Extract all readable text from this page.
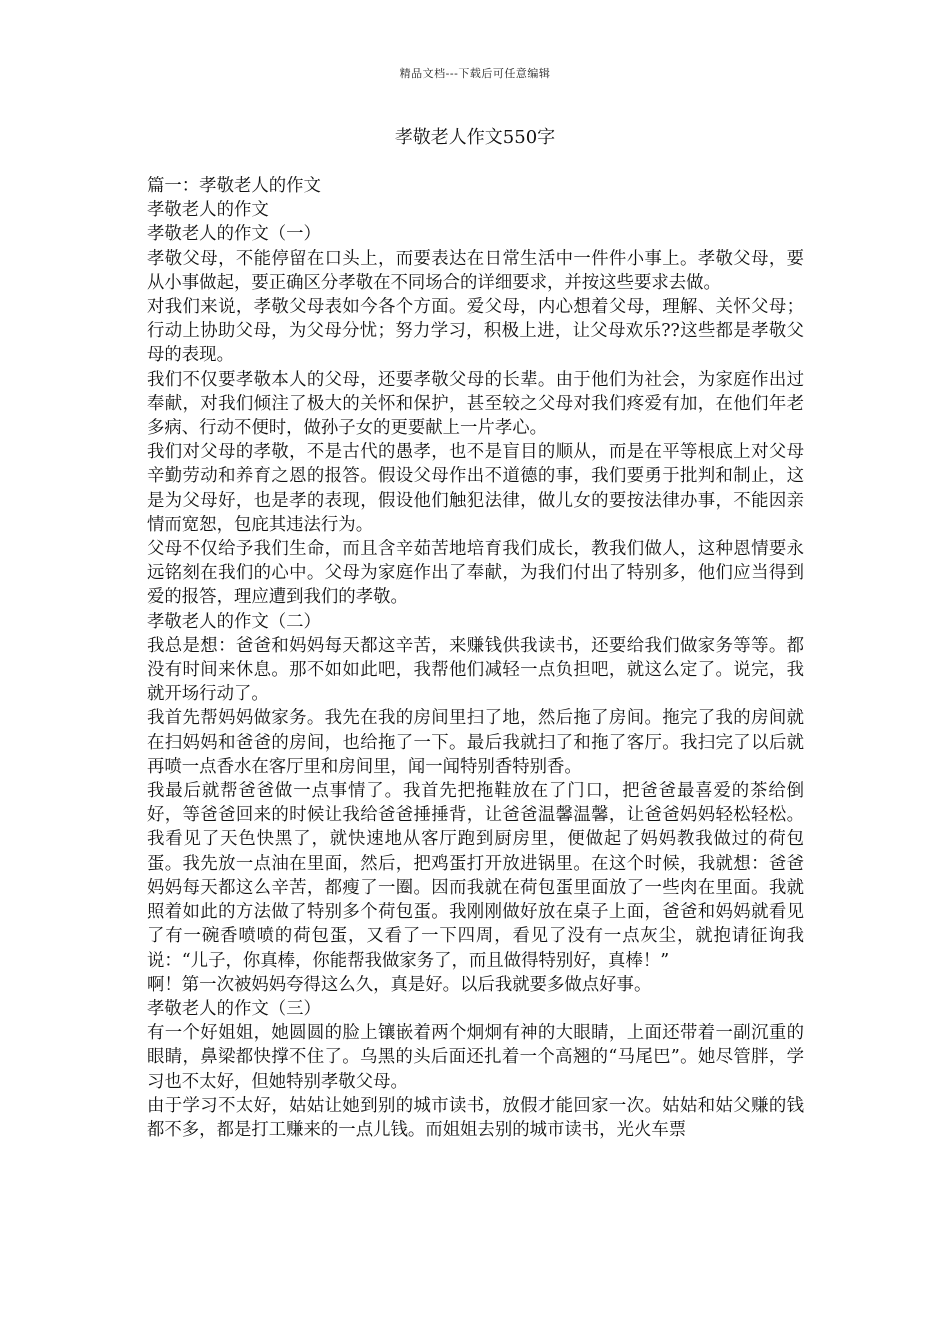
精品文档---下载后可任意编辑
孝敬老人作文550字

篇一：孝敬老人的作文

孝敬老人的作文

孝敬老人的作文（一）

孝敬父母，不能停留在口头上，而要表达在日常生活中一件件小事上。孝敬父母，要从小事做起，要正确区分孝敬在不同场合的详细要求，并按这些要求去做。

对我们来说，孝敬父母表如今各个方面。爱父母，内心想着父母，理解、关怀父母；行动上协助父母，为父母分忧；努力学习，积极上进，让父母欢乐??这些都是孝敬父母的表现。

我们不仅要孝敬本人的父母，还要孝敬父母的长辈。由于他们为社会，为家庭作出过奉献，对我们倾注了极大的关怀和保护，甚至较之父母对我们疼爱有加，在他们年老多病、行动不便时，做孙子女的更要献上一片孝心。

我们对父母的孝敬，不是古代的愚孝，也不是盲目的顺从，而是在平等根底上对父母辛勤劳动和养育之恩的报答。假设父母作出不道德的事，我们要勇于批判和制止，这是为父母好，也是孝的表现，假设他们触犯法律，做儿女的要按法律办事，不能因亲情而宽恕，包庇其违法行为。

父母不仅给予我们生命，而且含辛茹苦地培育我们成长，教我们做人，这种恩情要永远铭刻在我们的心中。父母为家庭作出了奉献，为我们付出了特别多，他们应当得到爱的报答，理应遭到我们的孝敬。

孝敬老人的作文（二）

我总是想：爸爸和妈妈每天都这辛苦，来赚钱供我读书，还要给我们做家务等等。都没有时间来休息。那不如如此吧，我帮他们减轻一点负担吧，就这么定了。说完，我就开场行动了。

我首先帮妈妈做家务。我先在我的房间里扫了地，然后拖了房间。拖完了我的房间就在扫妈妈和爸爸的房间，也给拖了一下。最后我就扫了和拖了客厅。我扫完了以后就再喷一点香水在客厅里和房间里，闻一闻特别香特别香。

我最后就帮爸爸做一点事情了。我首先把拖鞋放在了门口，把爸爸最喜爱的茶给倒好，等爸爸回来的时候让我给爸爸捶捶背，让爸爸温馨温馨，让爸爸妈妈轻松轻松。我看见了天色快黑了，就快速地从客厅跑到厨房里，便做起了妈妈教我做过的荷包蛋。我先放一点油在里面，然后，把鸡蛋打开放进锅里。在这个时候，我就想：爸爸妈妈每天都这么辛苦，都瘦了一圈。因而我就在荷包蛋里面放了一些肉在里面。我就照着如此的方法做了特别多个荷包蛋。我刚刚做好放在桌子上面，爸爸和妈妈就看见了有一碗香喷喷的荷包蛋，又看了一下四周，看见了没有一点灰尘，就抱请征询我说：“儿子，你真棒，你能帮我做家务了，而且做得特别好，真棒！”

啊！第一次被妈妈夸得这么久，真是好。以后我就要多做点好事。

孝敬老人的作文（三）

有一个好姐姐，她圆圆的脸上镶嵌着两个炯炯有神的大眼睛，上面还带着一副沉重的眼睛，鼻梁都快撑不住了。乌黑的头后面还扎着一个高翘的“马尾巴”。她尽管胖，学习也不太好，但她特别孝敬父母。

由于学习不太好，姑姑让她到别的城市读书，放假才能回家一次。姑姑和姑父赚的钱都不多，都是打工赚来的一点儿钱。而姐姐去别的城市读书，光火车票
